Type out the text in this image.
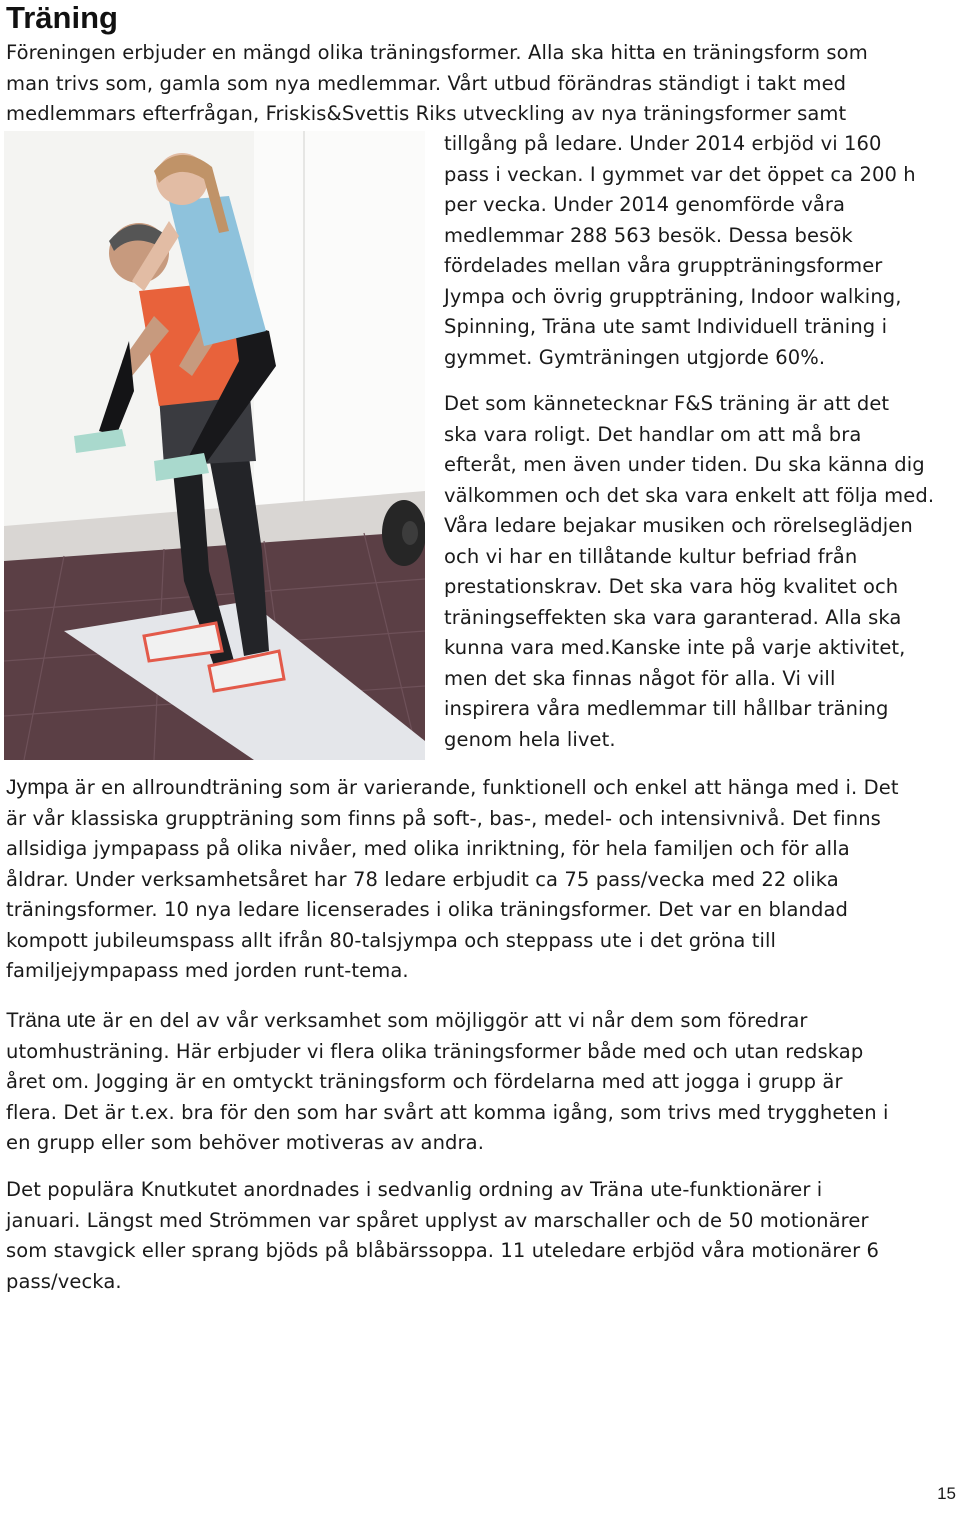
Träning

Föreningen erbjuder en mängd olika träningsformer. Alla ska hitta en träningsform som
man trivs som, gamla som nya medlemmar. Vårt utbud förändras ständigt i takt med
medlemmars efterfrågan, Friskis&Svettis Riks utveckling av nya träningsformer samt

tillgång på ledare. Under 2014 erbjöd vi 160
pass i veckan. I gymmet var det öppet ca 200 h
per vecka. Under 2014 genomförde våra
medlemmar 288 563 besök. Dessa besök
fördelades mellan våra gruppträningsformer
Jympa och övrig gruppträning, Indoor walking,
Spinning, Träna ute samt Individuell träning i
gymmet. Gymträningen utgjorde 60%.

Det som kännetecknar F&S träning är att det
ska vara roligt. Det handlar om att må bra
efteråt, men även under tiden. Du ska känna dig
välkommen och det ska vara enkelt att följa med.
Våra ledare bejakar musiken och rörelseglädjen
och vi har en tillåtande kultur befriad från
prestationskrav. Det ska vara hög kvalitet och
träningseffekten ska vara garanterad. Alla ska
kunna vara med.Kanske inte på varje aktivitet,
men det ska finnas något för alla. Vi vill
inspirera våra medlemmar till hållbar träning
genom hela livet.

Jympa är en allroundträning som är varierande, funktionell och enkel att hänga med i. Det
är vår klassiska gruppträning som finns på soft-, bas-, medel- och intensivnivå. Det finns
allsidiga jympapass på olika nivåer, med olika inriktning, för hela familjen och för alla
åldrar. Under verksamhetsåret har 78 ledare erbjudit ca 75 pass/vecka med 22 olika
träningsformer. 10 nya ledare licenserades i olika träningsformer. Det var en blandad
kompott jubileumspass allt ifrån 80-talsjympa och steppass ute i det gröna till
familjejympapass med jorden runt-tema.

Träna ute är en del av vår verksamhet som möjliggör att vi når dem som föredrar
utomhusträning. Här erbjuder vi flera olika träningsformer både med och utan redskap
året om. Jogging är en omtyckt träningsform och fördelarna med att jogga i grupp är
flera. Det är t.ex. bra för den som har svårt att komma igång, som trivs med tryggheten i
en grupp eller som behöver motiveras av andra.

Det populära Knutkutet anordnades i sedvanlig ordning av Träna ute-funktionärer i
januari. Längst med Strömmen var spåret upplyst av marschaller och de 50 motionärer
som stavgick eller sprang bjöds på blåbärssoppa. 11 uteledare erbjöd våra motionärer 6
pass/vecka.

15
